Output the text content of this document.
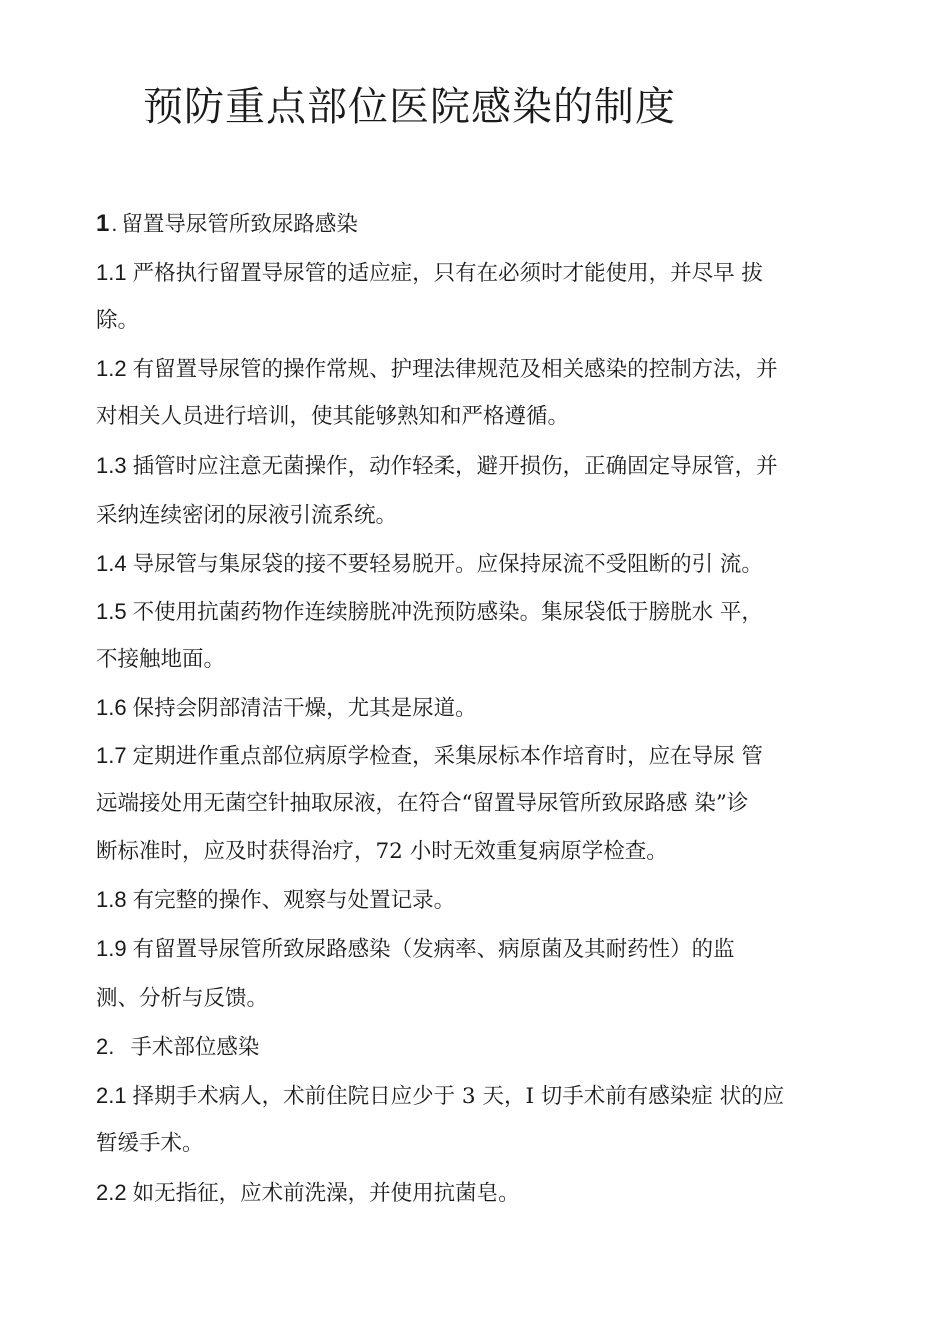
预防重点部位医院感染的制度

1. 留置导尿管所致尿路感染

1.1 严格执行留置导尿管的适应症，只有在必须时才能使用，并尽早 拔

除。

1.2 有留置导尿管的操作常规、护理法律规范及相关感染的控制方法，并

对相关人员进行培训，使其能够熟知和严格遵循。

1.3 插管时应注意无菌操作，动作轻柔，避开损伤，正确固定导尿管，并

采纳连续密闭的尿液引流系统。

1.4 导尿管与集尿袋的接不要轻易脱开。应保持尿流不受阻断的引 流。

1.5 不使用抗菌药物作连续膀胱冲洗预防感染。集尿袋低于膀胱水 平，

不接触地面。

1.6 保持会阴部清洁干燥，尤其是尿道。

1.7 定期进作重点部位病原学检查，采集尿标本作培育时，应在导尿 管

远端接处用无菌空针抽取尿液，在符合“留置导尿管所致尿路感 染”诊

断标准时，应及时获得治疗，72 小时无效重复病原学检查。

1.8 有完整的操作、观察与处置记录。

1.9 有留置导尿管所致尿路感染（发病率、病原菌及其耐药性）的监

测、分析与反馈。

2. 手术部位感染

2.1 择期手术病人，术前住院日应少于 3 天，I 切手术前有感染症 状的应

暂缓手术。

2.2 如无指征，应术前洗澡，并使用抗菌皂。
